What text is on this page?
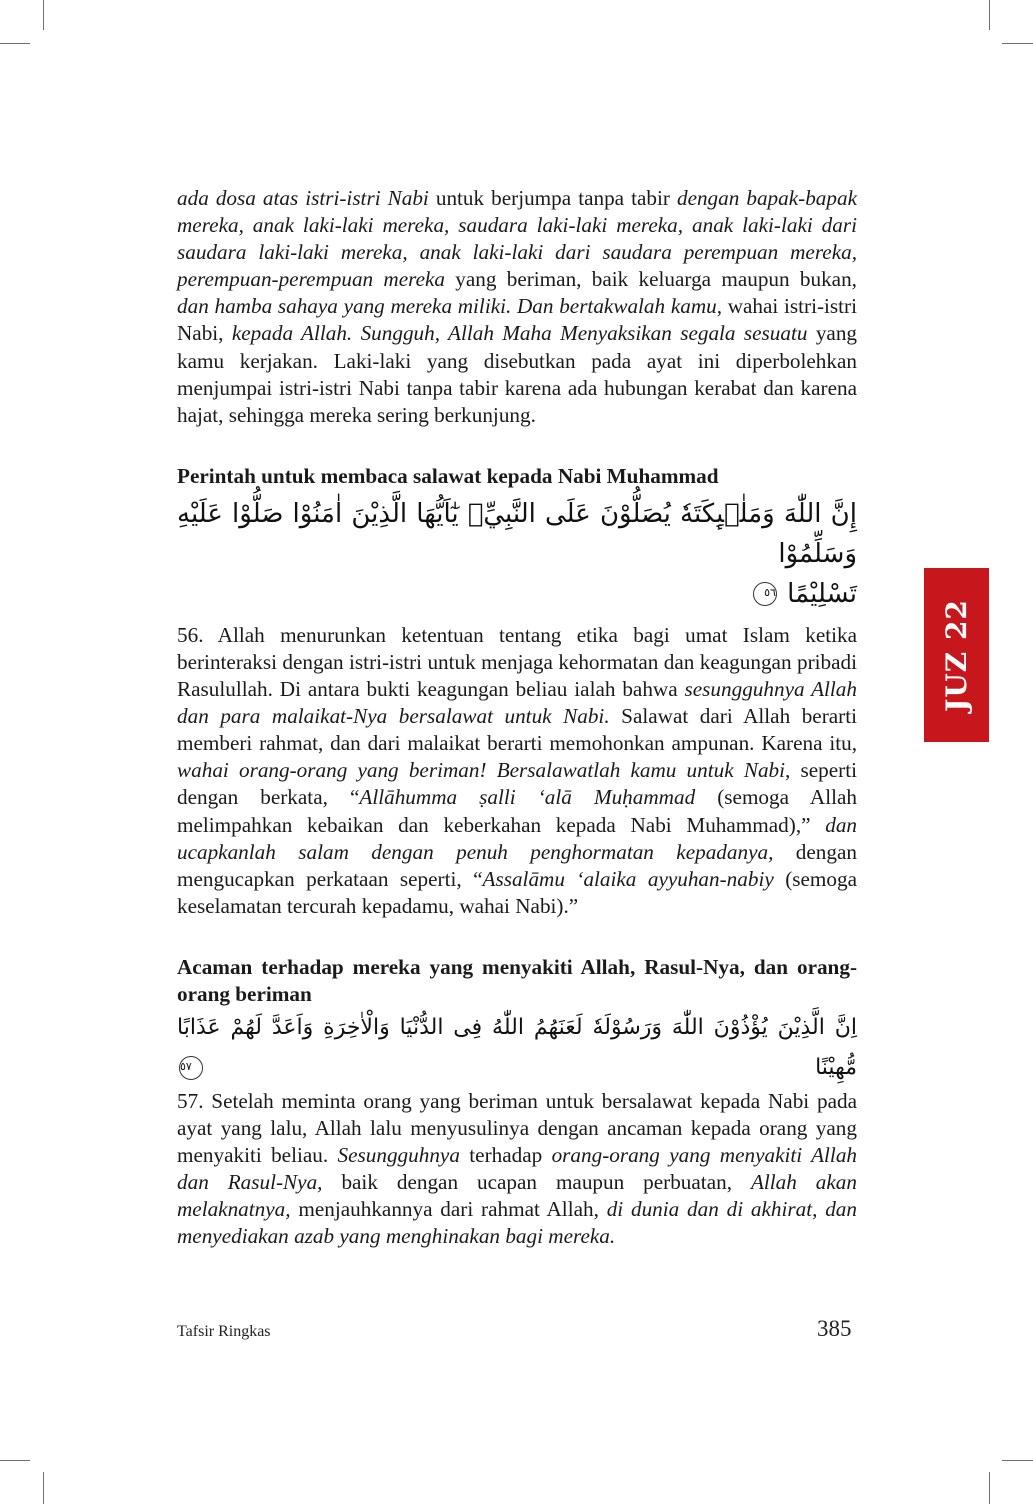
JUZ 22

ada dosa atas istri-istri Nabi untuk berjumpa tanpa tabir dengan bapak-bapak mereka, anak laki-laki mereka, saudara laki-laki mereka, anak laki-laki dari saudara laki-laki mereka, anak laki-laki dari saudara perempuan mereka, perempuan-perempuan mereka yang beriman, baik keluarga maupun bukan, dan hamba sahaya yang mereka miliki. Dan bertakwalah kamu, wahai istri-istri Nabi, kepada Allah. Sungguh, Allah Maha Menyaksikan segala sesuatu yang kamu kerjakan. Laki-laki yang disebutkan pada ayat ini diperbolehkan menjumpai istri-istri Nabi tanpa tabir karena ada hubungan kerabat dan karena hajat, sehingga mereka sering berkunjung.

Perintah untuk membaca salawat kepada Nabi Muhammad

إِنَّ اللّٰهَ وَمَلٰۤىِٕكَتَهٗ يُصَلُّوْنَ عَلَى النَّبِيِّۗ يٰٓاَيُّهَا الَّذِيْنَ اٰمَنُوْا صَلُّوْا عَلَيْهِ وَسَلِّمُوْا

تَسْلِيْمًا ٥٦

56. Allah menurunkan ketentuan tentang etika bagi umat Islam ketika berinteraksi dengan istri-istri untuk menjaga kehormatan dan keagungan pribadi Rasulullah. Di antara bukti keagungan beliau ialah bahwa sesungguhnya Allah dan para malaikat-Nya bersalawat untuk Nabi. Salawat dari Allah berarti memberi rahmat, dan dari malaikat berarti memohonkan ampunan. Karena itu, wahai orang-orang yang beriman! Bersalawatlah kamu untuk Nabi, seperti dengan berkata, “Allāhumma ṣalli ‘alā Muḥammad (semoga Allah melimpahkan kebaikan dan keberkahan kepada Nabi Muhammad),” dan ucapkanlah salam dengan penuh penghormatan kepadanya, dengan mengucapkan perkataan seperti, “Assalāmu ‘alaika ayyuhan-nabiy (semoga keselamatan tercurah kepadamu, wahai Nabi).”

Acaman terhadap mereka yang menyakiti Allah, Rasul-Nya, dan orang-orang beriman

اِنَّ الَّذِيْنَ يُؤْذُوْنَ اللّٰهَ وَرَسُوْلَهٗ لَعَنَهُمُ اللّٰهُ فِى الدُّنْيَا وَالْاٰخِرَةِ وَاَعَدَّ لَهُمْ عَذَابًا مُّهِيْنًا ٥٧

57. Setelah meminta orang yang beriman untuk bersalawat kepada Nabi pada ayat yang lalu, Allah lalu menyusulinya dengan ancaman kepada orang yang menyakiti beliau. Sesungguhnya terhadap orang-orang yang menyakiti Allah dan Rasul-Nya, baik dengan ucapan maupun perbuatan, Allah akan melaknatnya, menjauhkannya dari rahmat Allah, di dunia dan di akhirat, dan menyediakan azab yang menghinakan bagi mereka.

Tafsir Ringkas	385
